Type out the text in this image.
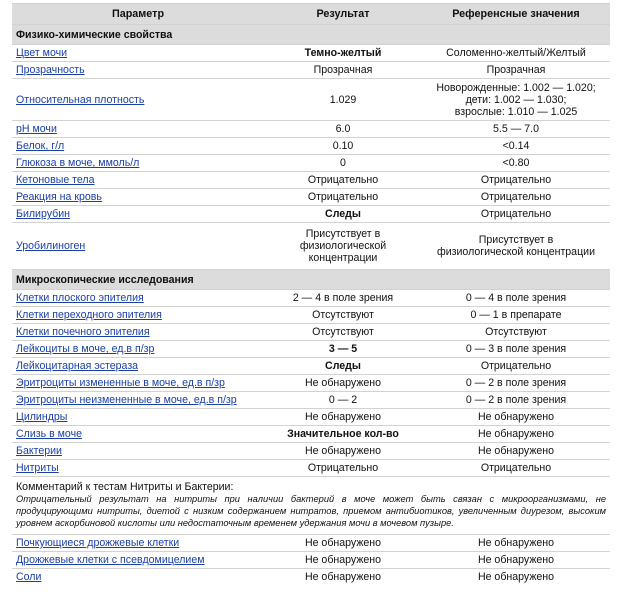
Параметр	Результат	Референсные значения
Физико-химические свойства		
Цвет мочи	Темно-желтый	Соломенно-желтый/Желтый
Прозрачность	Прозрачная	Прозрачная
Относительная плотность	1.029	Новорожденные: 1.002 — 1.020;
дети: 1.002 — 1.030;
взрослые: 1.010 — 1.025
pH мочи	6.0	5.5 — 7.0
Белок, г/л	0.10	<0.14
Глюкоза в моче, ммоль/л	0	<0.80
Кетоновые тела	Отрицательно	Отрицательно
Реакция на кровь	Отрицательно	Отрицательно
Билирубин	Следы	Отрицательно
Уробилиноген	Присутствует в
физиологической
концентрации	Присутствует в
физиологической концентрации
Микроскопические исследования		
Клетки плоского эпителия	2 — 4 в поле зрения	0 — 4 в поле зрения
Клетки переходного эпителия	Отсутствуют	0 — 1 в препарате
Клетки почечного эпителия	Отсутствуют	Отсутствуют
Лейкоциты в моче, ед.в п/зр	3 — 5	0 — 3 в поле зрения
Лейкоцитарная эстераза	Следы	Отрицательно
Эритроциты измененные в моче, ед.в п/зр	Не обнаружено	0 — 2 в поле зрения
Эритроциты неизмененные в моче, ед.в п/зр	0 — 2	0 — 2 в поле зрения
Цилиндры	Не обнаружено	Не обнаружено
Слизь в моче	Значительное кол-во	Не обнаружено
Бактерии	Не обнаружено	Не обнаружено
Нитриты	Отрицательно	Отрицательно

Комментарий к тестам Нитриты и Бактерии:
Отрицательный результат на нитриты при наличии бактерий в моче может быть связан с микроорганизмами, не продуцирующими нитриты, диетой с низким содержанием нитратов, приемом антибиотиков, увеличенным диурезом, высоким уровнем аскорбиновой кислоты или недостаточным временем удержания мочи в мочевом пузыре.		

Почкующиеся дрожжевые клетки	Не обнаружено	Не обнаружено
Дрожжевые клетки с псевдомицелием	Не обнаружено	Не обнаружено
Соли	Не обнаружено	Не обнаружено
